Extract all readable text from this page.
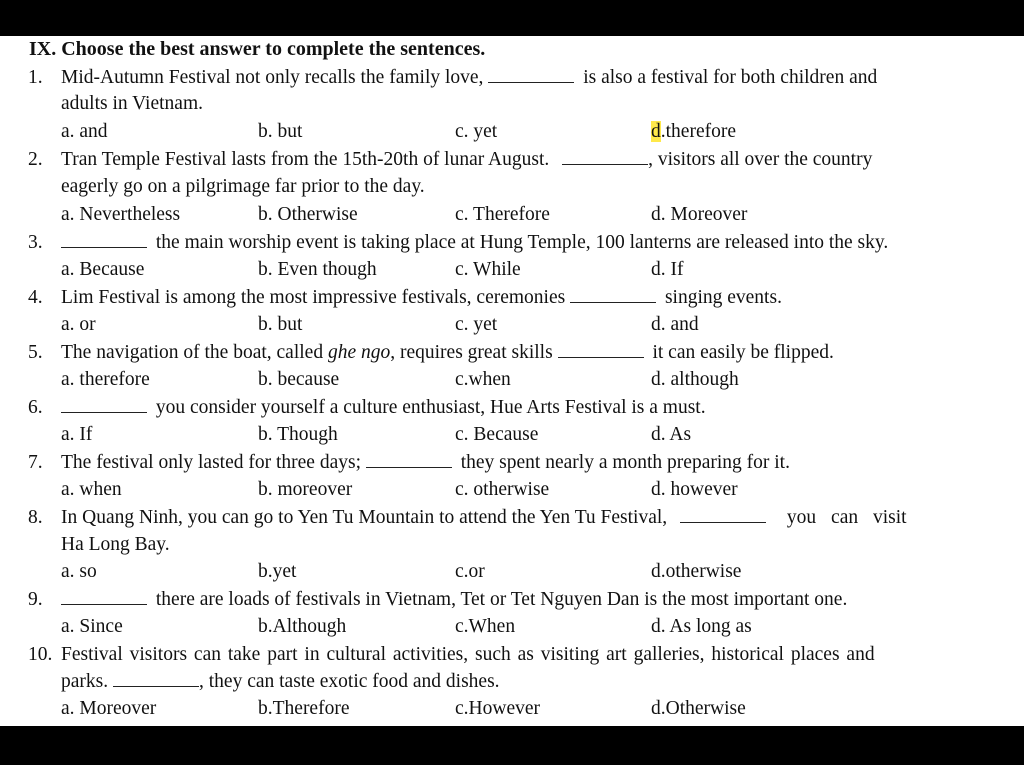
IX. Choose the best answer to complete the sentences.
1. Mid-Autumn Festival not only recalls the family love,	is also a festival for both children and
adults in Vietnam.
a. and	b. but	c. yet	d.therefore
2. Tran Temple Festival lasts from the 15th-20th of lunar August.	, visitors all over the country
eagerly go on a pilgrimage far prior to the day.
a. Nevertheless	b. Otherwise	c. Therefore	d. Moreover
3.	the main worship event is taking place at Hung Temple, 100 lanterns are released into the sky.
a. Because	b. Even though	c. While	d. If
4. Lim Festival is among the most impressive festivals, ceremonies	singing events.
a. or	b. but	c. yet	d. and
5. The navigation of the boat, called ghe ngo, requires great skills	it can easily be flipped.
a. therefore	b. because	c.when	d. although
6.	you consider yourself a culture enthusiast, Hue Arts Festival is a must.
a. If	b. Though	c. Because	d. As
7. The festival only lasted for three days;	they spent nearly a month preparing for it.
a. when	b. moreover	c. otherwise	d. however
8. In Quang Ninh, you can go to Yen Tu Mountain to attend the Yen Tu Festival,	you can visit
Ha Long Bay.
a. so	b.yet	c.or	d.otherwise
9.	there are loads of festivals in Vietnam, Tet or Tet Nguyen Dan is the most important one.
a. Since	b.Although	c.When	d. As long as
10. Festival visitors can take part in cultural activities, such as visiting art galleries, historical places and
parks.	, they can taste exotic food and dishes.
a. Moreover	b.Therefore	c.However	d.Otherwise
